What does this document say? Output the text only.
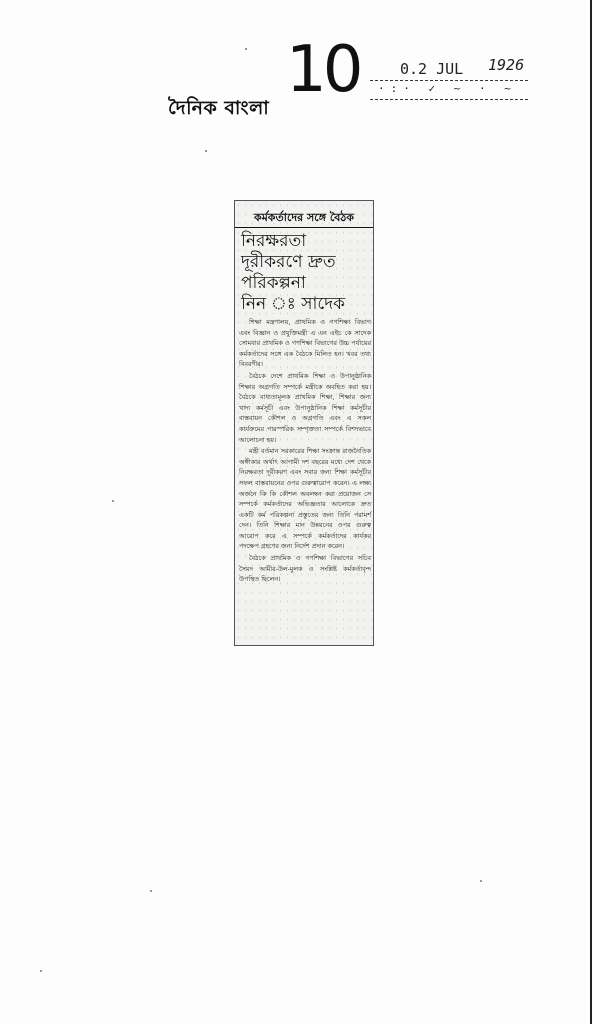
দৈনিক বাংলা
10	0.2 JUL 1926
·:· ✓ ~ · ~
কর্মকর্তাদের সঙ্গে বৈঠক
নিরক্ষরতা
দূরীকরণে দ্রুত
পরিকল্পনা
নিন ঃ সাদেক

শিক্ষা মন্ত্রণালয়, প্রাথমিক ও গণশিক্ষা বিভাগ এবং বিজ্ঞান ও প্রযুক্তিমন্ত্রী এ এন এইচ কে সাদেক সোমবার প্রাথমিক ও গণশিক্ষা বিভাগের উচ্চ পর্যায়ের কর্মকর্তাদের সঙ্গে এক বৈঠকে মিলিত হন। খবর তথ্য বিবরণীর।

বৈঠকে দেশে প্রাথমিক শিক্ষা ও উপানুষ্ঠানিক শিক্ষার অগ্রগতি সম্পর্কে মন্ত্রীকে অবহিত করা হয়। বৈঠকে বাধ্যতামূলক প্রাথমিক শিক্ষা, শিক্ষার জন্য খাদ্য কর্মসূচী এবং উপানুষ্ঠানিক শিক্ষা কর্মসূচীর বাস্তবায়ন কৌশল ও অগ্রগতি এবং এ সকল কার্যক্রমের পারস্পরিক সম্পৃক্ততা সম্পর্কে বিশদভাবে আলোচনা হয়।

মন্ত্রী বর্তমান সরকারের শিক্ষা সংক্রান্ত রাজনৈতিক অঙ্গীকার অর্থাৎ আগামী দশ বছরের মধ্যে দেশ থেকে নিরক্ষরতা দূরীকরণ এবং সবার জন্য শিক্ষা কর্মসূচীর সফল বাস্তবায়নের ওপর গুরুত্বারোপ করেন। এ লক্ষ্য অর্জনে কি কি কৌশল অবলম্বন করা প্রয়োজন সে সম্পর্কে কর্মকর্তাদের অভিজ্ঞতার আলোকে দ্রুত একটি কর্ম পরিকল্পনা প্রস্তুতের জন্য তিনি পরামর্শ দেন। তিনি শিক্ষার মান উন্নয়নের ওপর গুরুত্ব আরোপ করে এ সম্পর্কে কর্মকর্তাদের কার্যকর পদক্ষেপ গ্রহণের জন্য নির্দেশ প্রদান করেন।

বৈঠকে প্রাথমিক ও গণশিক্ষা বিভাগের সচিব সৈয়দ আমীর-উল-মুলক ও সংশ্লিষ্ট কর্মকর্তাবৃন্দ উপস্থিত ছিলেন।
